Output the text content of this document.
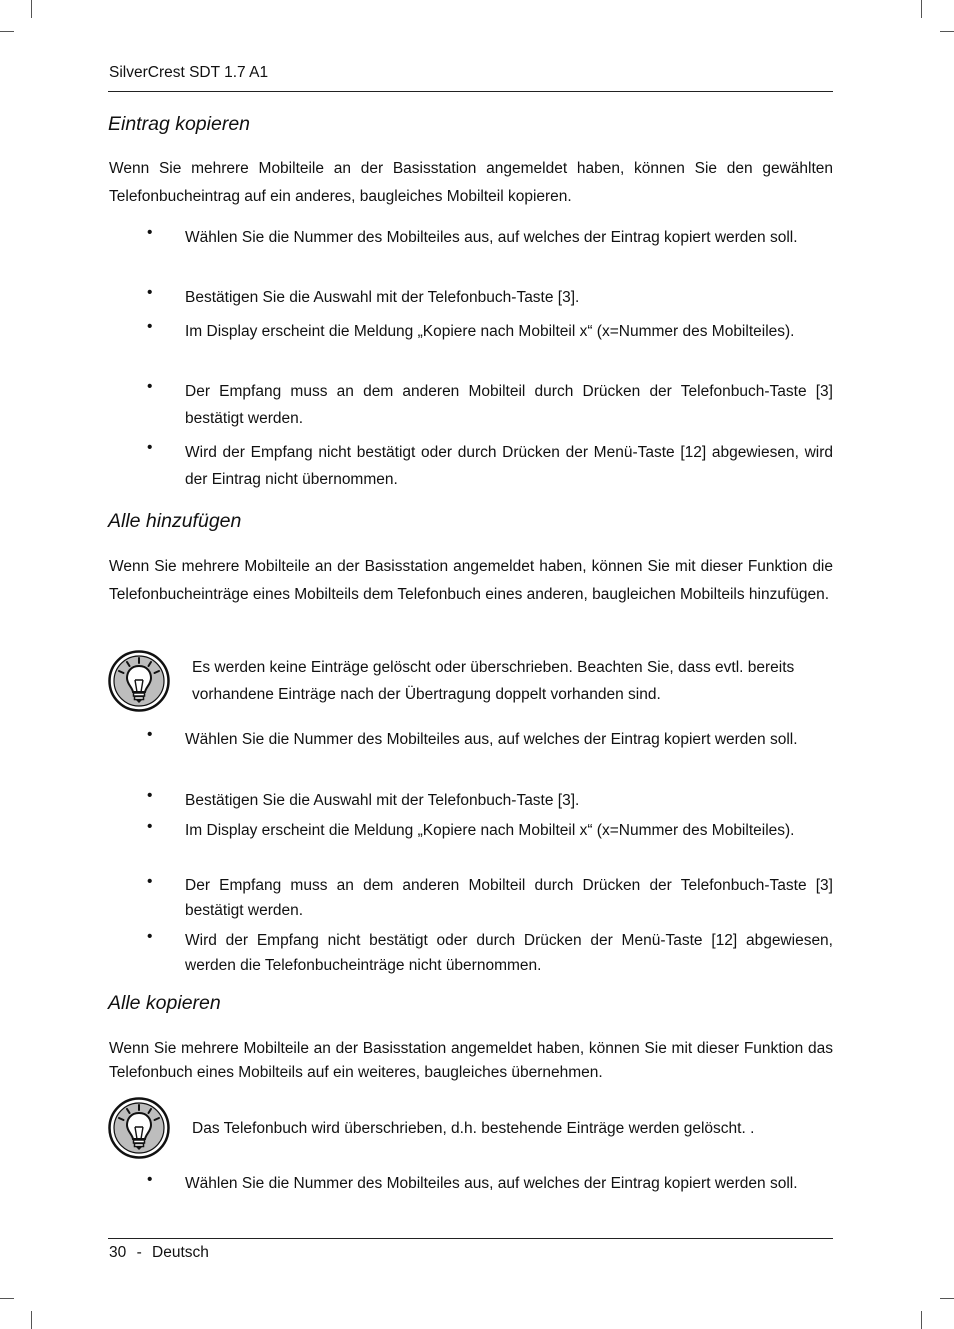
SilverCrest SDT 1.7 A1
Eintrag kopieren

Wenn Sie mehrere Mobilteile an der Basisstation angemeldet haben, können Sie den gewählten Telefonbucheintrag auf ein anderes, baugleiches Mobilteil kopieren.

• Wählen Sie die Nummer des Mobilteiles aus, auf welches der Eintrag kopiert werden soll.
• Bestätigen Sie die Auswahl mit der Telefonbuch-Taste [3].
• Im Display erscheint die Meldung „Kopiere nach Mobilteil x“ (x=Nummer des Mobilteiles).
• Der Empfang muss an dem anderen Mobilteil durch Drücken der Telefonbuch-Taste [3] bestätigt werden.
• Wird der Empfang nicht bestätigt oder durch Drücken der Menü-Taste [12] abgewiesen, wird der Eintrag nicht übernommen.
Alle hinzufügen

Wenn Sie mehrere Mobilteile an der Basisstation angemeldet haben, können Sie mit dieser Funktion die Telefonbucheinträge eines Mobilteils dem Telefonbuch eines anderen, baugleichen Mobilteils hinzufügen.

Es werden keine Einträge gelöscht oder überschrieben. Beachten Sie, dass evtl. bereits vorhandene Einträge nach der Übertragung doppelt vorhanden sind.

• Wählen Sie die Nummer des Mobilteiles aus, auf welches der Eintrag kopiert werden soll.
• Bestätigen Sie die Auswahl mit der Telefonbuch-Taste [3].
• Im Display erscheint die Meldung „Kopiere nach Mobilteil x“ (x=Nummer des Mobilteiles).
• Der Empfang muss an dem anderen Mobilteil durch Drücken der Telefonbuch-Taste [3] bestätigt werden.
• Wird der Empfang nicht bestätigt oder durch Drücken der Menü-Taste [12] abgewiesen, werden die Telefonbucheinträge nicht übernommen.
Alle kopieren

Wenn Sie mehrere Mobilteile an der Basisstation angemeldet haben, können Sie mit dieser Funktion das Telefonbuch eines Mobilteils auf ein weiteres, baugleiches übernehmen.

Das Telefonbuch wird überschrieben, d.h. bestehende Einträge werden gelöscht. .

• Wählen Sie die Nummer des Mobilteiles aus, auf welches der Eintrag kopiert werden soll.
30 - Deutsch
